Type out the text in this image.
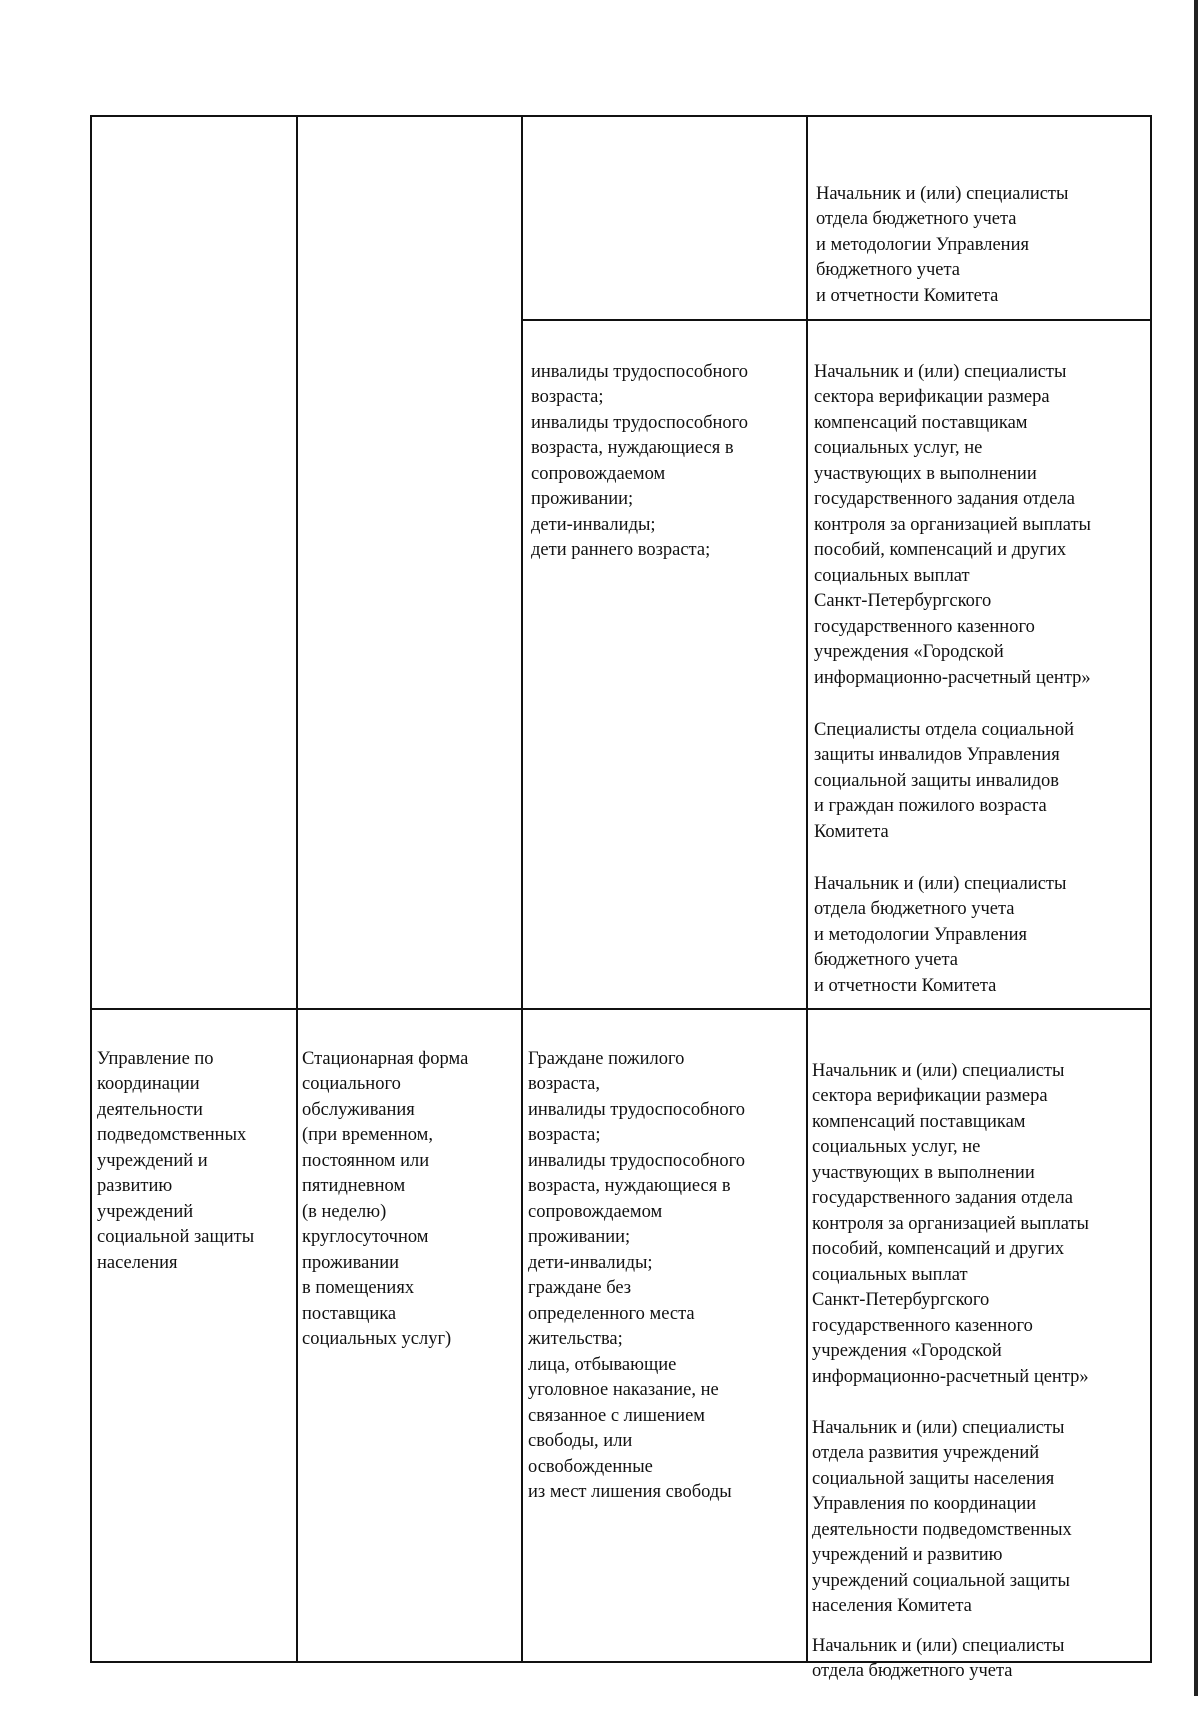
Начальник и (или) специалисты
отдела бюджетного учета
и методологии Управления
бюджетного учета
и отчетности Комитета

инвалиды трудоспособного
возраста;
инвалиды трудоспособного
возраста, нуждающиеся в
сопровождаемом
проживании;
дети-инвалиды;
дети раннего возраста;

Начальник и (или) специалисты
сектора верификации размера
компенсаций поставщикам
социальных услуг, не
участвующих в выполнении
государственного задания отдела
контроля за организацией выплаты
пособий, компенсаций и других
социальных выплат
Санкт-Петербургского
государственного казенного
учреждения «Городской
информационно-расчетный центр»

Специалисты отдела социальной
защиты инвалидов Управления
социальной защиты инвалидов
и граждан пожилого возраста
Комитета

Начальник и (или) специалисты
отдела бюджетного учета
и методологии Управления
бюджетного учета
и отчетности Комитета

Управление по
координации
деятельности
подведомственных
учреждений и
развитию
учреждений
социальной защиты
населения

Стационарная форма
социального
обслуживания
(при временном,
постоянном или
пятидневном
(в неделю)
круглосуточном
проживании
в помещениях
поставщика
социальных услуг)

Граждане пожилого
возраста,
инвалиды трудоспособного
возраста;
инвалиды трудоспособного
возраста, нуждающиеся в
сопровождаемом
проживании;
дети-инвалиды;
граждане без
определенного места
жительства;
лица, отбывающие
уголовное наказание, не
связанное с лишением
свободы, или
освобожденные
из мест лишения свободы

Начальник и (или) специалисты
сектора верификации размера
компенсаций поставщикам
социальных услуг, не
участвующих в выполнении
государственного задания отдела
контроля за организацией выплаты
пособий, компенсаций и других
социальных выплат
Санкт-Петербургского
государственного казенного
учреждения «Городской
информационно-расчетный центр»

Начальник и (или) специалисты
отдела развития учреждений
социальной защиты населения
Управления по координации
деятельности подведомственных
учреждений и развитию
учреждений социальной защиты
населения Комитета

Начальник и (или) специалисты
отдела бюджетного учета
